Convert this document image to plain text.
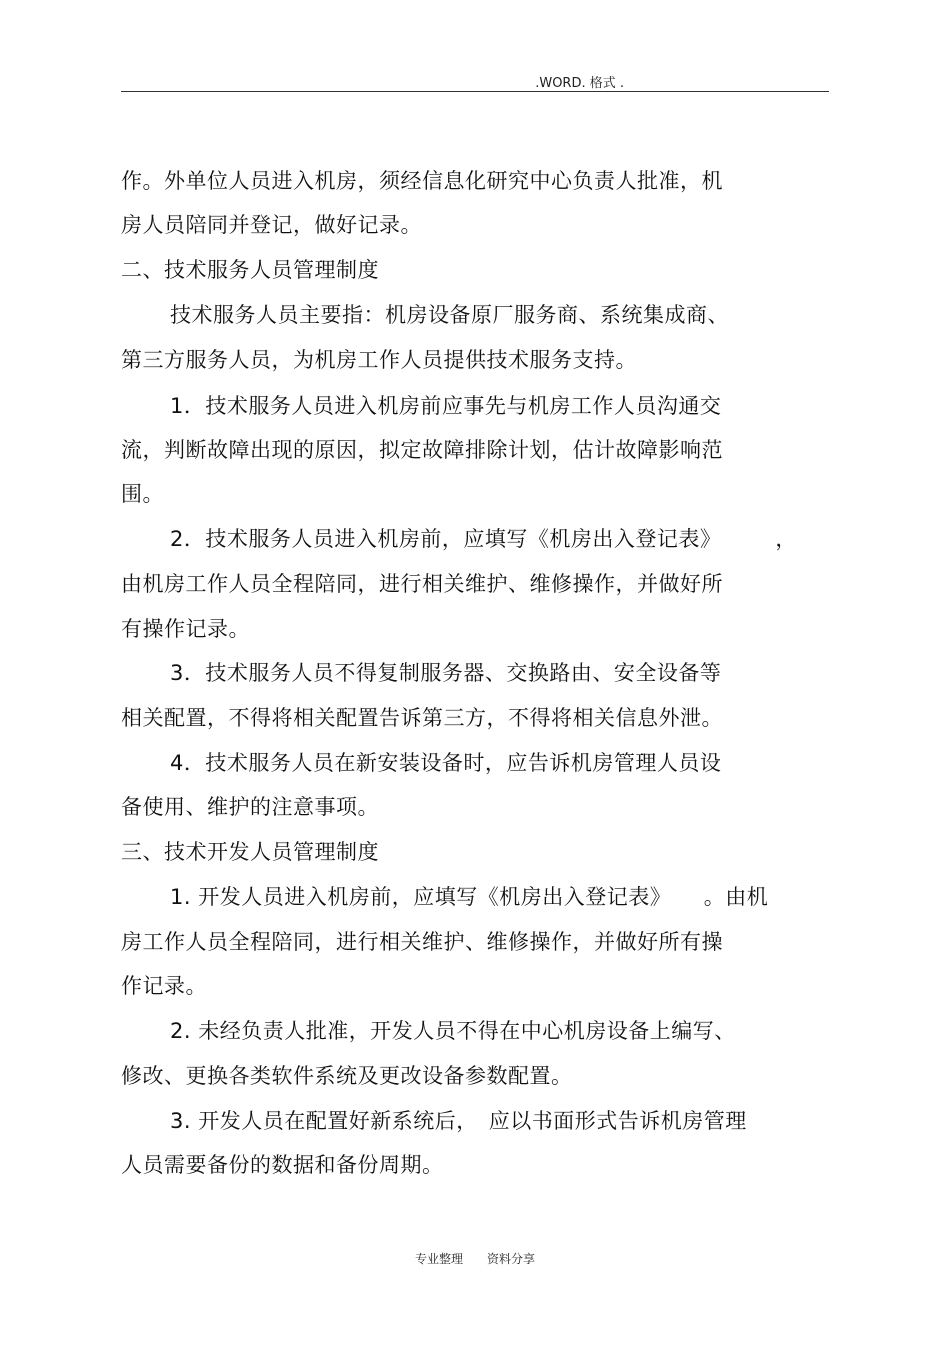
.WORD. 格式 .
作。外单位人员进入机房，须经信息化研究中心负责人批准，机
房人员陪同并登记，做好记录。
二、技术服务人员管理制度
技术服务人员主要指：机房设备原厂服务商、系统集成商、
第三方服务人员，为机房工作人员提供技术服务支持。
1．技术服务人员进入机房前应事先与机房工作人员沟通交
流，判断故障出现的原因，拟定故障排除计划，估计故障影响范
围。
2．技术服务人员进入机房前，应填写《机房出入登记表》　　　，
由机房工作人员全程陪同，进行相关维护、维修操作，并做好所
有操作记录。
3．技术服务人员不得复制服务器、交换路由、安全设备等
相关配置，不得将相关配置告诉第三方，不得将相关信息外泄。
4．技术服务人员在新安装设备时，应告诉机房管理人员设
备使用、维护的注意事项。
三、技术开发人员管理制度
1. 开发人员进入机房前，应填写《机房出入登记表》　　。由机
房工作人员全程陪同，进行相关维护、维修操作，并做好所有操
作记录。
2. 未经负责人批准，开发人员不得在中心机房设备上编写、
修改、更换各类软件系统及更改设备参数配置。
3. 开发人员在配置好新系统后，　应以书面形式告诉机房管理
人员需要备份的数据和备份周期。
专业整理　　资料分享
